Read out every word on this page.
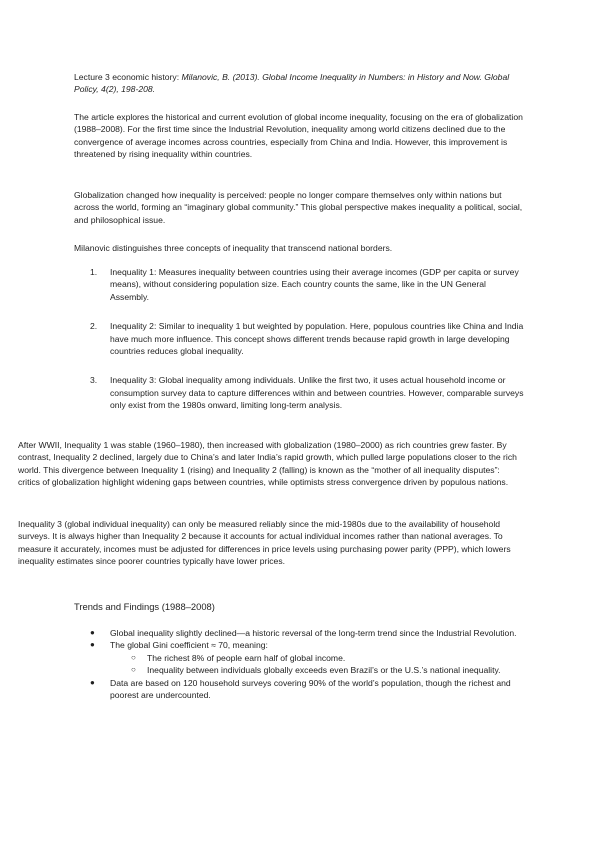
Lecture 3 economic history: Milanovic, B. (2013). Global Income Inequality in Numbers: in History and Now. Global Policy, 4(2), 198-208.

The article explores the historical and current evolution of global income inequality, focusing on the era of globalization (1988–2008). For the first time since the Industrial Revolution, inequality among world citizens declined due to the convergence of average incomes across countries, especially from China and India. However, this improvement is threatened by rising inequality within countries.

Globalization changed how inequality is perceived: people no longer compare themselves only within nations but across the world, forming an “imaginary global community.” This global perspective makes inequality a political, social, and philosophical issue.

Milanovic distinguishes three concepts of inequality that transcend national borders.

1. Inequality 1: Measures inequality between countries using their average incomes (GDP per capita or survey means), without considering population size. Each country counts the same, like in the UN General Assembly.
2. Inequality 2: Similar to inequality 1 but weighted by population. Here, populous countries like China and India have much more influence. This concept shows different trends because rapid growth in large developing countries reduces global inequality.
3. Inequality 3: Global inequality among individuals. Unlike the first two, it uses actual household income or consumption survey data to capture differences within and between countries. However, comparable surveys only exist from the 1980s onward, limiting long-term analysis.

After WWII, Inequality 1 was stable (1960–1980), then increased with globalization (1980–2000) as rich countries grew faster. By contrast, Inequality 2 declined, largely due to China’s and later India’s rapid growth, which pulled large populations closer to the rich world. This divergence between Inequality 1 (rising) and Inequality 2 (falling) is known as the “mother of all inequality disputes”: critics of globalization highlight widening gaps between countries, while optimists stress convergence driven by populous nations.

Inequality 3 (global individual inequality) can only be measured reliably since the mid-1980s due to the availability of household surveys. It is always higher than Inequality 2 because it accounts for actual individual incomes rather than national averages. To measure it accurately, incomes must be adjusted for differences in price levels using purchasing power parity (PPP), which lowers inequality estimates since poorer countries typically have lower prices.

Trends and Findings (1988–2008)

● Global inequality slightly declined—a historic reversal of the long-term trend since the Industrial Revolution.
● The global Gini coefficient ≈ 70, meaning:
○ The richest 8% of people earn half of global income.
○ Inequality between individuals globally exceeds even Brazil’s or the U.S.’s national inequality.
● Data are based on 120 household surveys covering 90% of the world’s population, though the richest and poorest are undercounted.
